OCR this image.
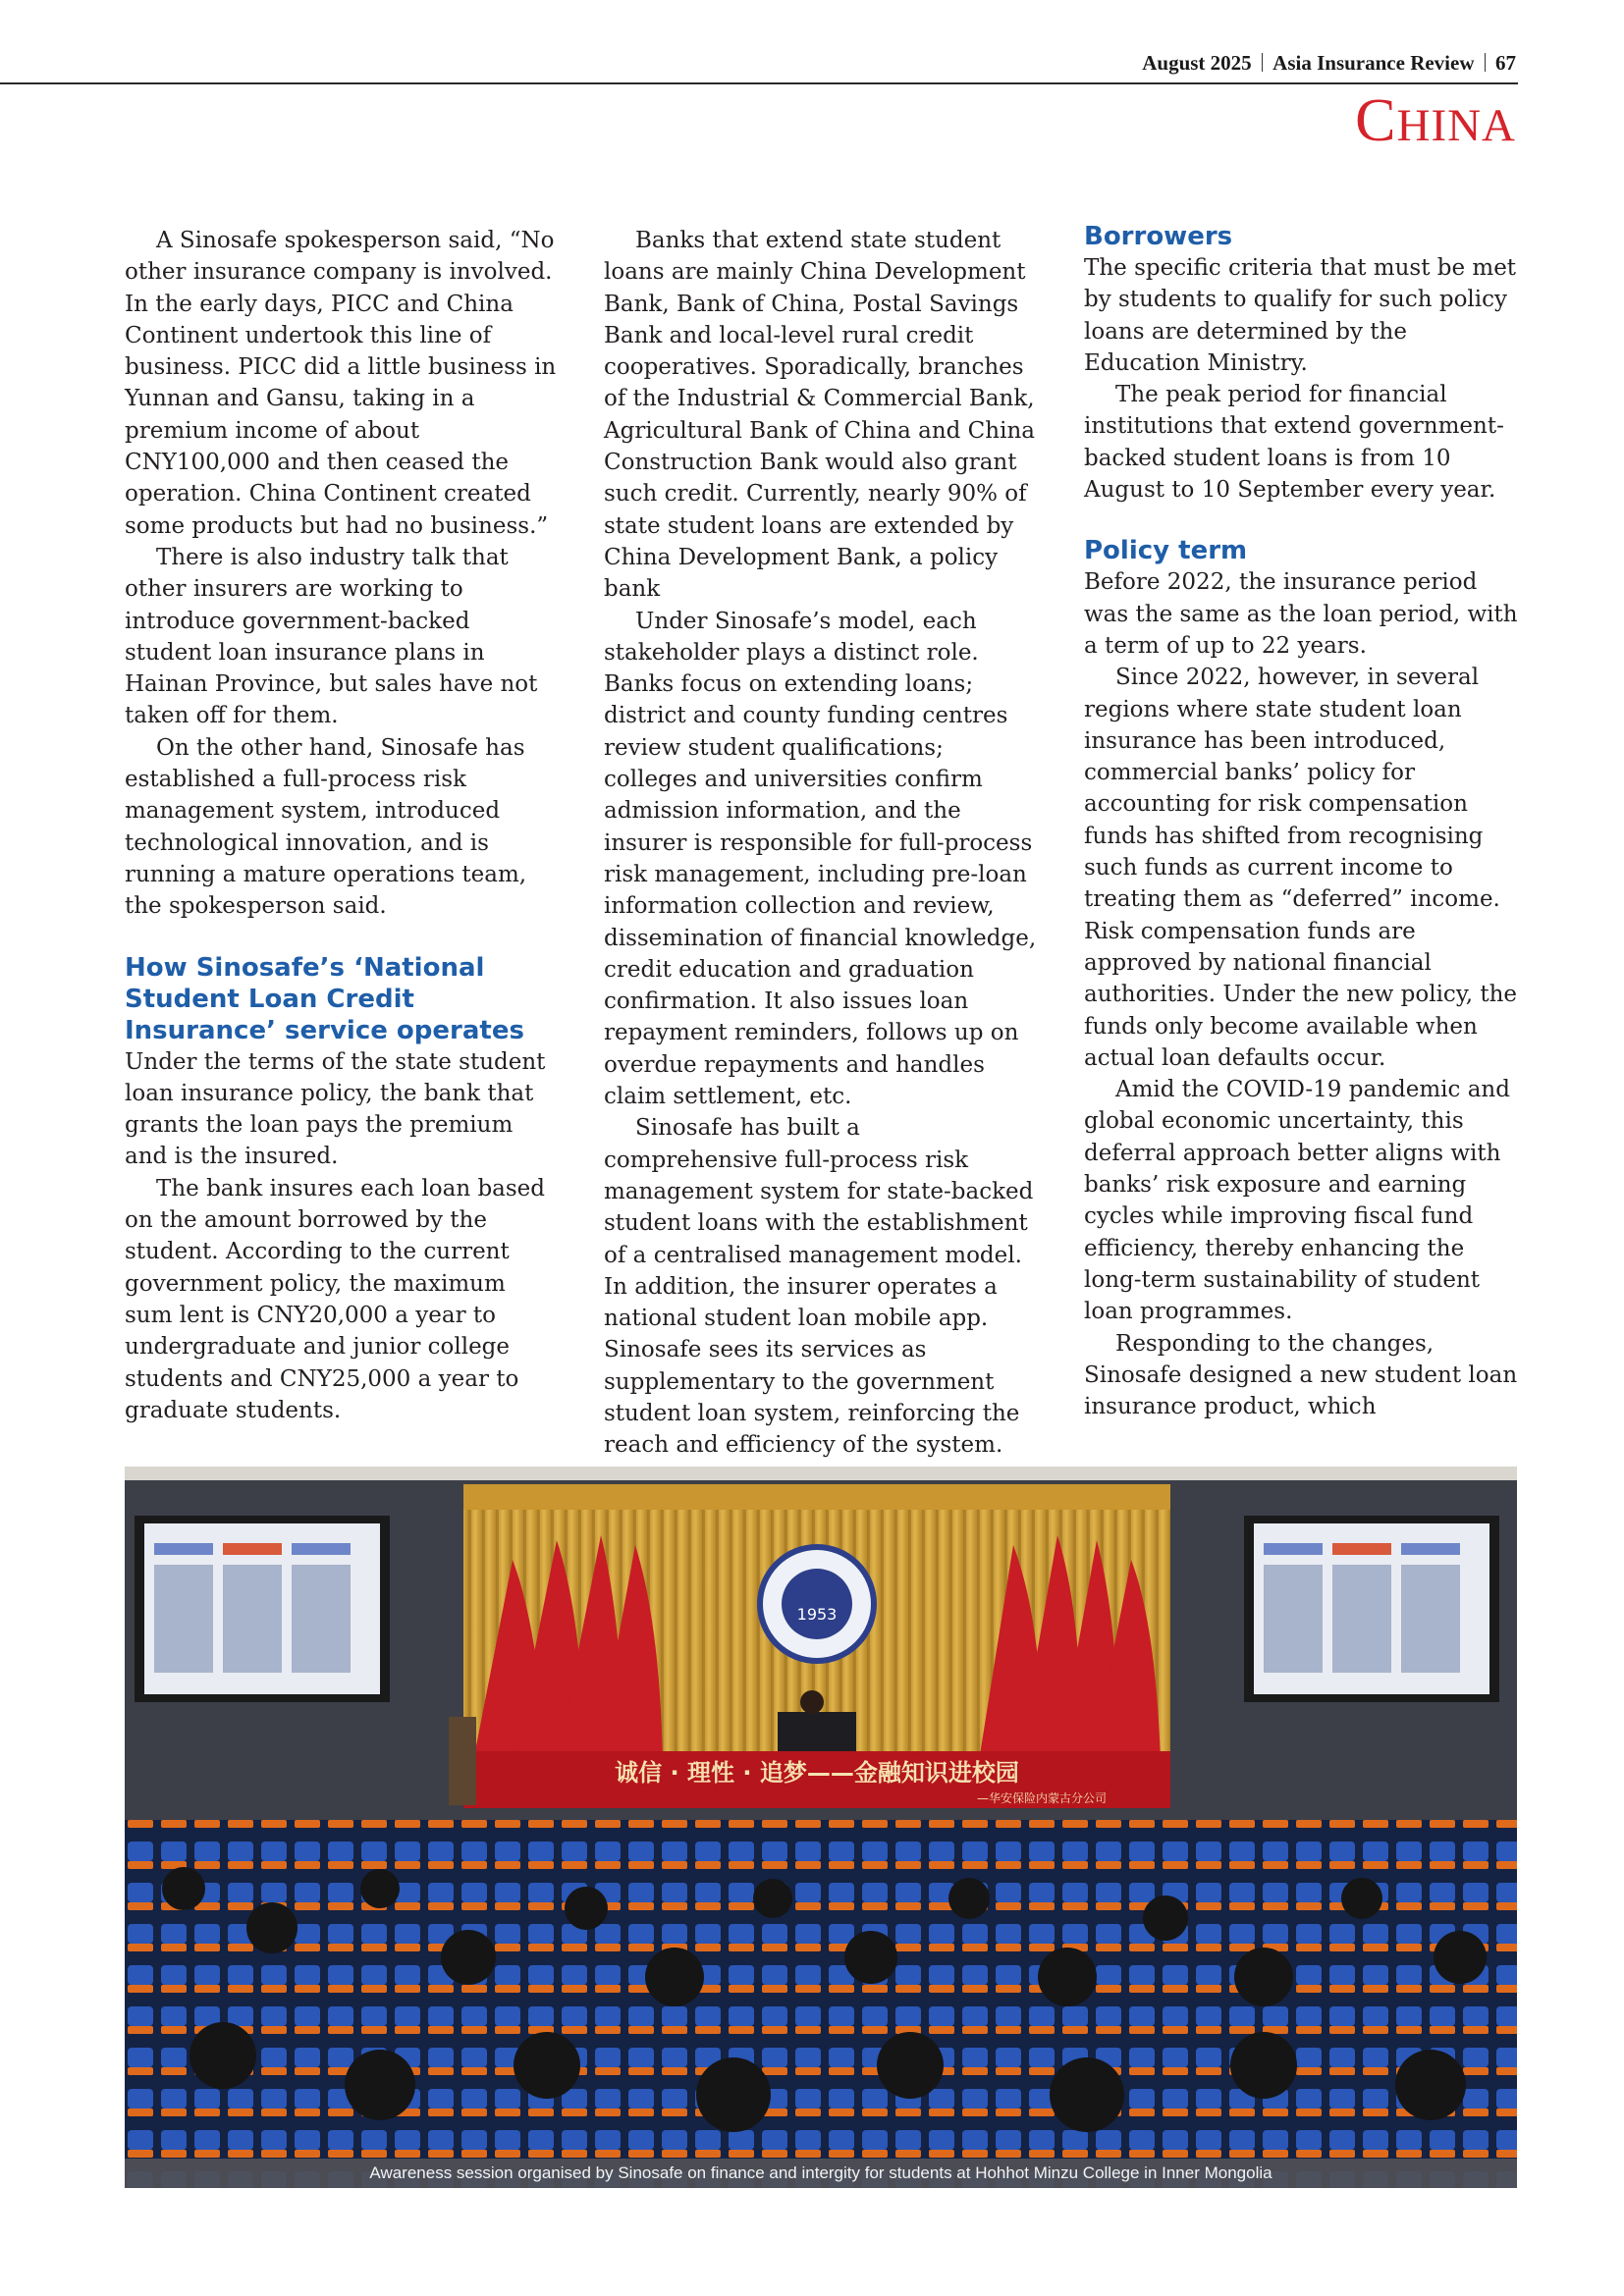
August 2025 Asia Insurance Review 67
CHINA

A Sinosafe spokesperson said, “No other insurance company is involved. In the early days, PICC and China Continent undertook this line of business. PICC did a little business in Yunnan and Gansu, taking in a premium income of about CNY100,000 and then ceased the operation. China Continent created some products but had no business.”

There is also industry talk that other insurers are working to introduce government-backed student loan insurance plans in Hainan Province, but sales have not taken off for them.

On the other hand, Sinosafe has established a full-process risk management system, introduced technological innovation, and is running a mature operations team, the spokesperson said.

How Sinosafe’s ‘National Student Loan Credit Insurance’ service operates

Under the terms of the state student loan insurance policy, the bank that grants the loan pays the premium and is the insured.

The bank insures each loan based on the amount borrowed by the student. According to the current government policy, the maximum sum lent is CNY20,000 a year to undergraduate and junior college students and CNY25,000 a year to graduate students.

Banks that extend state student loans are mainly China Development Bank, Bank of China, Postal Savings Bank and local-level rural credit cooperatives. Sporadically, branches of the Industrial & Commercial Bank, Agricultural Bank of China and China Construction Bank would also grant such credit. Currently, nearly 90% of state student loans are extended by China Development Bank, a policy bank

Under Sinosafe’s model, each stakeholder plays a distinct role. Banks focus on extending loans; district and county funding centres review student qualifications; colleges and universities confirm admission information, and the insurer is responsible for full-process risk management, including pre-loan information collection and review, dissemination of financial knowledge, credit education and graduation confirmation. It also issues loan repayment reminders, follows up on overdue repayments and handles claim settlement, etc.

Sinosafe has built a comprehensive full-process risk management system for state-backed student loans with the establishment of a centralised management model. In addition, the insurer operates a national student loan mobile app. Sinosafe sees its services as supplementary to the government student loan system, reinforcing the reach and efficiency of the system.

Borrowers

The specific criteria that must be met by students to qualify for such policy loans are determined by the Education Ministry.

The peak period for financial institutions that extend government-backed student loans is from 10 August to 10 September every year.

Policy term

Before 2022, the insurance period was the same as the loan period, with a term of up to 22 years.

Since 2022, however, in several regions where state student loan insurance has been introduced, commercial banks’ policy for accounting for risk compensation funds has shifted from recognising such funds as current income to treating them as “deferred” income. Risk compensation funds are approved by national financial authorities. Under the new policy, the funds only become available when actual loan defaults occur.

Amid the COVID-19 pandemic and global economic uncertainty, this deferral approach better aligns with banks’ risk exposure and earning cycles while improving fiscal fund efficiency, thereby enhancing the long-term sustainability of student loan programmes.

Responding to the changes, Sinosafe designed a new student loan insurance product, which

1953
诚信 · 理性 · 追梦——金融知识进校园
—华安保险内蒙古分公司
Awareness session organised by Sinosafe on finance and intergity for students at Hohhot Minzu College in Inner Mongolia
